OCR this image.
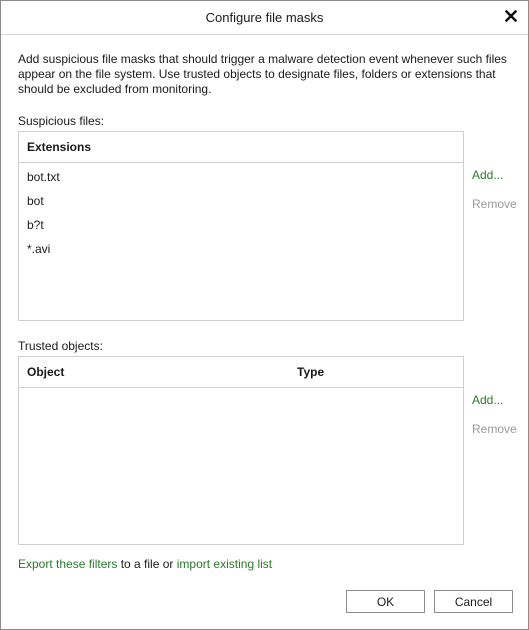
Configure file masks
Add suspicious file masks that should trigger a malware detection event whenever such files appear on the file system. Use trusted objects to designate files, folders or extensions that should be excluded from monitoring.
Suspicious files:
Extensions
bot.txt
bot
b?t
*.avi
Add...
Remove
Trusted objects:
Object	Type
Add...
Remove
Export these filters to a file or import existing list
OK	Cancel
